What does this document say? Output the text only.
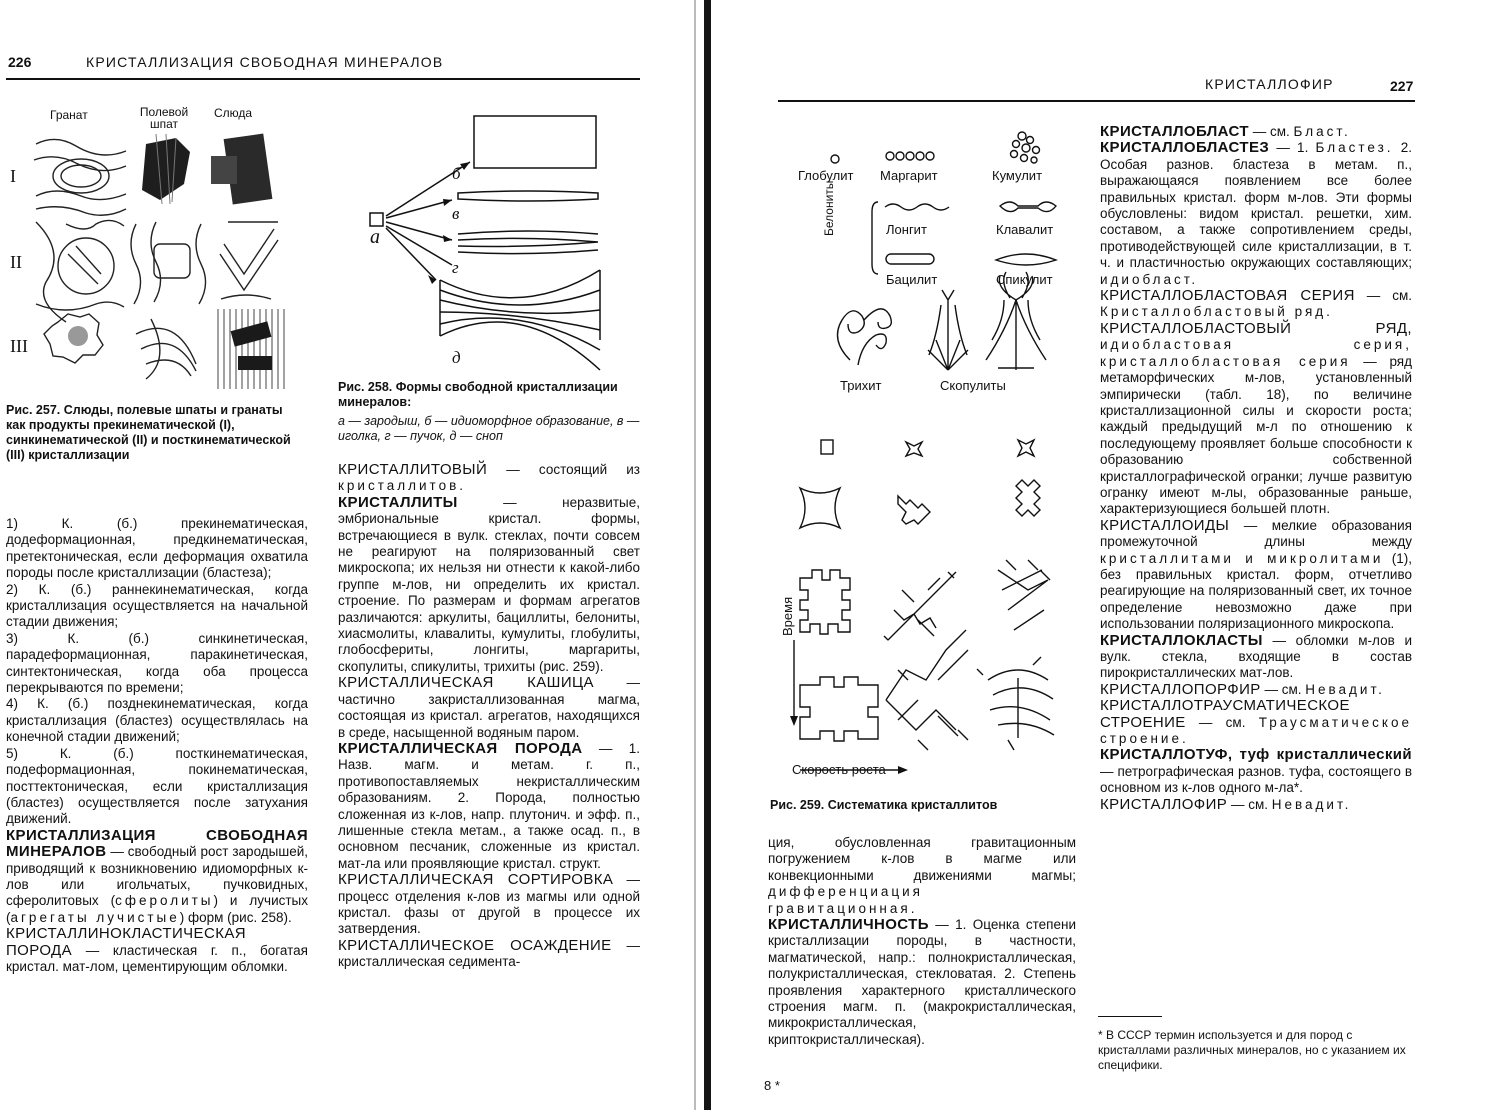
226	КРИСТАЛЛИЗАЦИЯ СВОБОДНАЯ МИНЕРАЛОВ
Гранат	Полевой шпат
Слюда
I
II
III
Рис. 257. Слюды, полевые шпаты и гранаты как продукты прекинематической (I), синкинематической (II) и посткинематической (III) кристаллизации
а
б
в
г
д
Рис. 258. Формы свободной кристаллизации минералов:
а — зародыш, б — идиоморфное образование, в — иголка, г — пучок, д — сноп

1) К. (б.) прекинематическая, додеформационная, предкинематическая, претектоническая, если деформация охватила породы после кристаллизации (бластеза);

2) К. (б.) раннекинематическая, когда кристаллизация осуществляется на начальной стадии движения;

3) К. (б.) синкинетическая, парадеформационная, паракинетическая, синтектоническая, когда оба процесса перекрываются по времени;

4) К. (б.) позднекинематическая, когда кристаллизация (бластез) осуществлялась на конечной стадии движений;

5) К. (б.) посткинематическая, подеформационная, покинематическая, посттектоническая, если кристаллизация (бластез) осуществляется после затухания движений.

КРИСТАЛЛИЗАЦИЯ СВОБОДНАЯ МИНЕРАЛОВ — свободный рост зародышей, приводящий к возникновению идиоморфных к-лов или игольчатых, пучковидных, сферолитовых (сферолиты) и лучистых (агрегаты лучистые) форм (рис. 258).

КРИСТАЛЛИНОКЛАСТИЧЕСКАЯ ПОРОДА — кластическая г. п., богатая кристал. мат-лом, цементирующим обломки.

КРИСТАЛЛИТОВЫЙ — состоящий из кристаллитов.

КРИСТАЛЛИТЫ — неразвитые, эмбриональные кристал. формы, встречающиеся в вулк. стеклах, почти совсем не реагируют на поляризованный свет микроскопа; их нельзя ни отнести к какой-либо группе м-лов, ни определить их кристал. строение. По размерам и формам агрегатов различаются: аркулиты, бациллиты, белониты, хиасмолиты, клавалиты, кумулиты, глобулиты, глобосфериты, лонгиты, маргариты, скопулиты, спикулиты, трихиты (рис. 259).

КРИСТАЛЛИЧЕСКАЯ КАШИЦА — частично закристаллизованная магма, состоящая из кристал. агрегатов, находящихся в среде, насыщенной водяным паром.

КРИСТАЛЛИЧЕСКАЯ ПОРОДА — 1. Назв. магм. и метам. г. п., противопоставляемых некристаллическим образованиям. 2. Порода, полностью сложенная из к-лов, напр. плутонич. и эфф. п., лишенные стекла метам., а также осад. п., в основном песчаник, сложенные из кристал. мат-ла или проявляющие кристал. структ.

КРИСТАЛЛИЧЕСКАЯ СОРТИРОВКА — процесс отделения к-лов из магмы или одной кристал. фазы от другой в процессе их затвердения.

КРИСТАЛЛИЧЕСКОЕ ОСАЖДЕНИЕ — кристаллическая седимента-

КРИСТАЛЛОФИР	227
Глобулит Маргарит	Кумулит
Лонгит	Клавалит
Бацилит	Спикулит
Белониты
Трихит	Скопулиты
Время
Скорость роста
Рис. 259. Систематика кристаллитов

ция, обусловленная гравитационным погружением к-лов в магме или конвекционными движениями магмы; дифференциация гравитационная.

КРИСТАЛЛИЧНОСТЬ — 1. Оценка степени кристаллизации породы, в частности, магматической, напр.: полнокристаллическая, полукристаллическая, стекловатая. 2. Степень проявления характерного кристаллического строения магм. п. (макрокристаллическая, микрокристаллическая, криптокристаллическая).

8 *

КРИСТАЛЛОБЛАСТ — см. Бласт.

КРИСТАЛЛОБЛАСТЕЗ — 1. Бластез. 2. Особая разнов. бластеза в метам. п., выражающаяся появлением все более правильных кристал. форм м-лов. Эти формы обусловлены: видом кристал. решетки, хим. составом, а также сопротивлением среды, противодействующей силе кристаллизации, в т. ч. и пластичностью окружающих составляющих; идиобласт.

КРИСТАЛЛОБЛАСТОВАЯ СЕРИЯ — см. Кристаллобластовый ряд.

КРИСТАЛЛОБЛАСТОВЫЙ РЯД, идиобластовая серия, кристаллобластовая серия — ряд метаморфических м-лов, установленный эмпирически (табл. 18), по величине кристаллизационной силы и скорости роста; каждый предыдущий м-л по отношению к последующему проявляет больше способности к образованию собственной кристаллографической огранки; лучше развитую огранку имеют м-лы, образованные раньше, характеризующиеся большей плотн.

КРИСТАЛЛОИДЫ — мелкие образования промежуточной длины между кристаллитами и микролитами (1), без правильных кристал. форм, отчетливо реагирующие на поляризованный свет, их точное определение невозможно даже при использовании поляризационного микроскопа.

КРИСТАЛЛОКЛАСТЫ — обломки м-лов и вулк. стекла, входящие в состав пирокристаллических мат-лов.

КРИСТАЛЛОПОРФИР — см. Невадит.

КРИСТАЛЛОТРАУСМАТИЧЕСКОЕ СТРОЕНИЕ — см. Траусматическое строение.

КРИСТАЛЛОТУФ, туф кристаллический — петрографическая разнов. туфа, состоящего в основном из к-лов одного м-ла*.

КРИСТАЛЛОФИР — см. Невадит.

* В СССР термин используется и для пород с кристаллами различных минералов, но с указанием их специфики.
